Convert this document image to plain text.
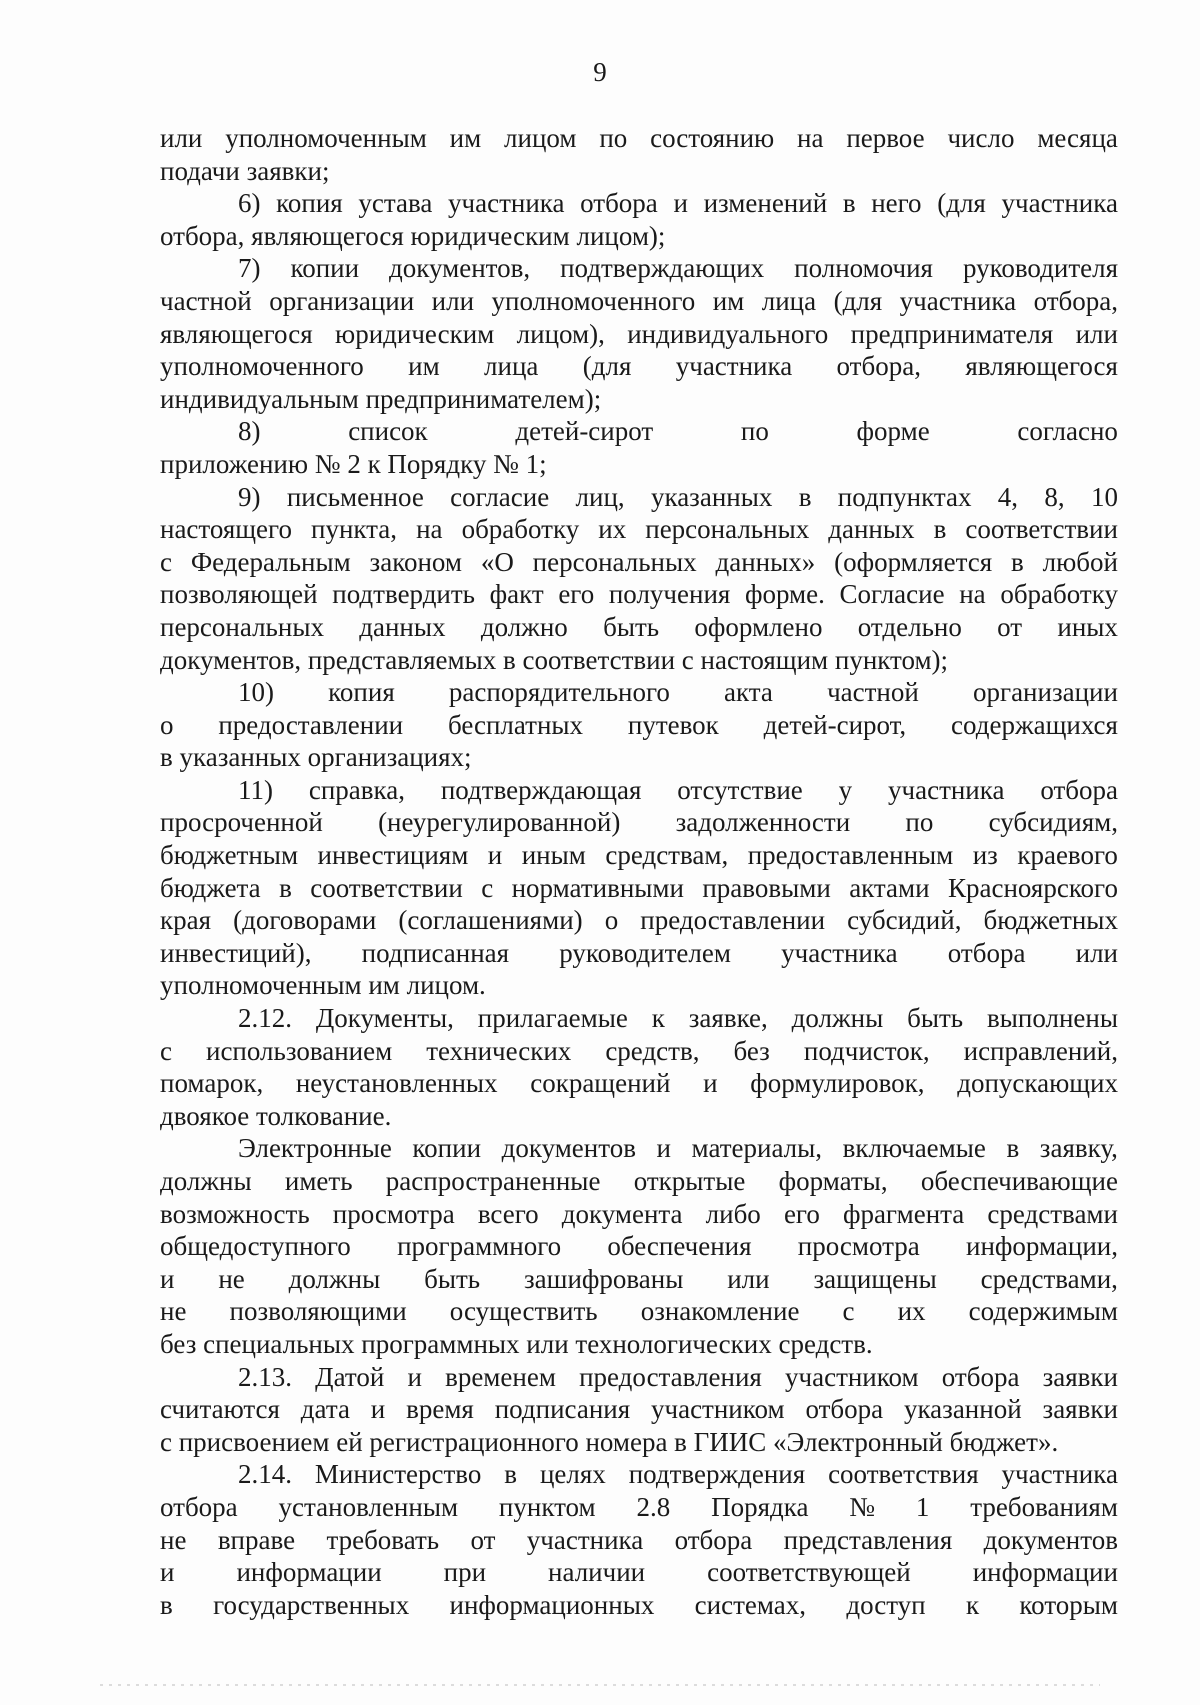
9
или уполномоченным им лицом по состоянию на первое число месяца
подачи заявки;
6) копия устава участника отбора и изменений в него (для участника
отбора, являющегося юридическим лицом);
7) копии документов, подтверждающих полномочия руководителя
частной организации или уполномоченного им лица (для участника отбора,
являющегося юридическим лицом), индивидуального предпринимателя или
уполномоченного им лица (для участника отбора, являющегося
индивидуальным предпринимателем);
8)	список	детей-сирот	по	форме	согласно
приложению № 2 к Порядку № 1;
9) письменное согласие лиц, указанных в подпунктах 4, 8, 10
настоящего пункта, на обработку их персональных данных в соответствии
с Федеральным законом «О персональных данных» (оформляется в любой
позволяющей подтвердить факт его получения форме. Согласие на обработку
персональных данных должно быть оформлено отдельно от иных
документов, представляемых в соответствии с настоящим пунктом);
10) копия распорядительного акта частной организации
о предоставлении бесплатных путевок детей-сирот, содержащихся
в указанных организациях;
11) справка, подтверждающая отсутствие у участника отбора
просроченной (неурегулированной) задолженности по субсидиям,
бюджетным инвестициям и иным средствам, предоставленным из краевого
бюджета в соответствии с нормативными правовыми актами Красноярского
края (договорами (соглашениями) о предоставлении субсидий, бюджетных
инвестиций), подписанная руководителем участника отбора или
уполномоченным им лицом.
2.12. Документы, прилагаемые к заявке, должны быть выполнены
с использованием технических средств, без подчисток, исправлений,
помарок, неустановленных сокращений и формулировок, допускающих
двоякое толкование.
Электронные копии документов и материалы, включаемые в заявку,
должны иметь распространенные открытые форматы, обеспечивающие
возможность просмотра всего документа либо его фрагмента средствами
общедоступного программного обеспечения просмотра информации,
и не должны быть зашифрованы или защищены средствами,
не позволяющими осуществить ознакомление с их содержимым
без специальных программных или технологических средств.
2.13. Датой и временем предоставления участником отбора заявки
считаются дата и время подписания участником отбора указанной заявки
с присвоением ей регистрационного номера в ГИИС «Электронный бюджет».
2.14. Министерство в целях подтверждения соответствия участника
отбора установленным пунктом 2.8 Порядка № 1 требованиям
не вправе требовать от участника отбора представления документов
и информации при наличии соответствующей информации
в государственных информационных системах, доступ к которым
